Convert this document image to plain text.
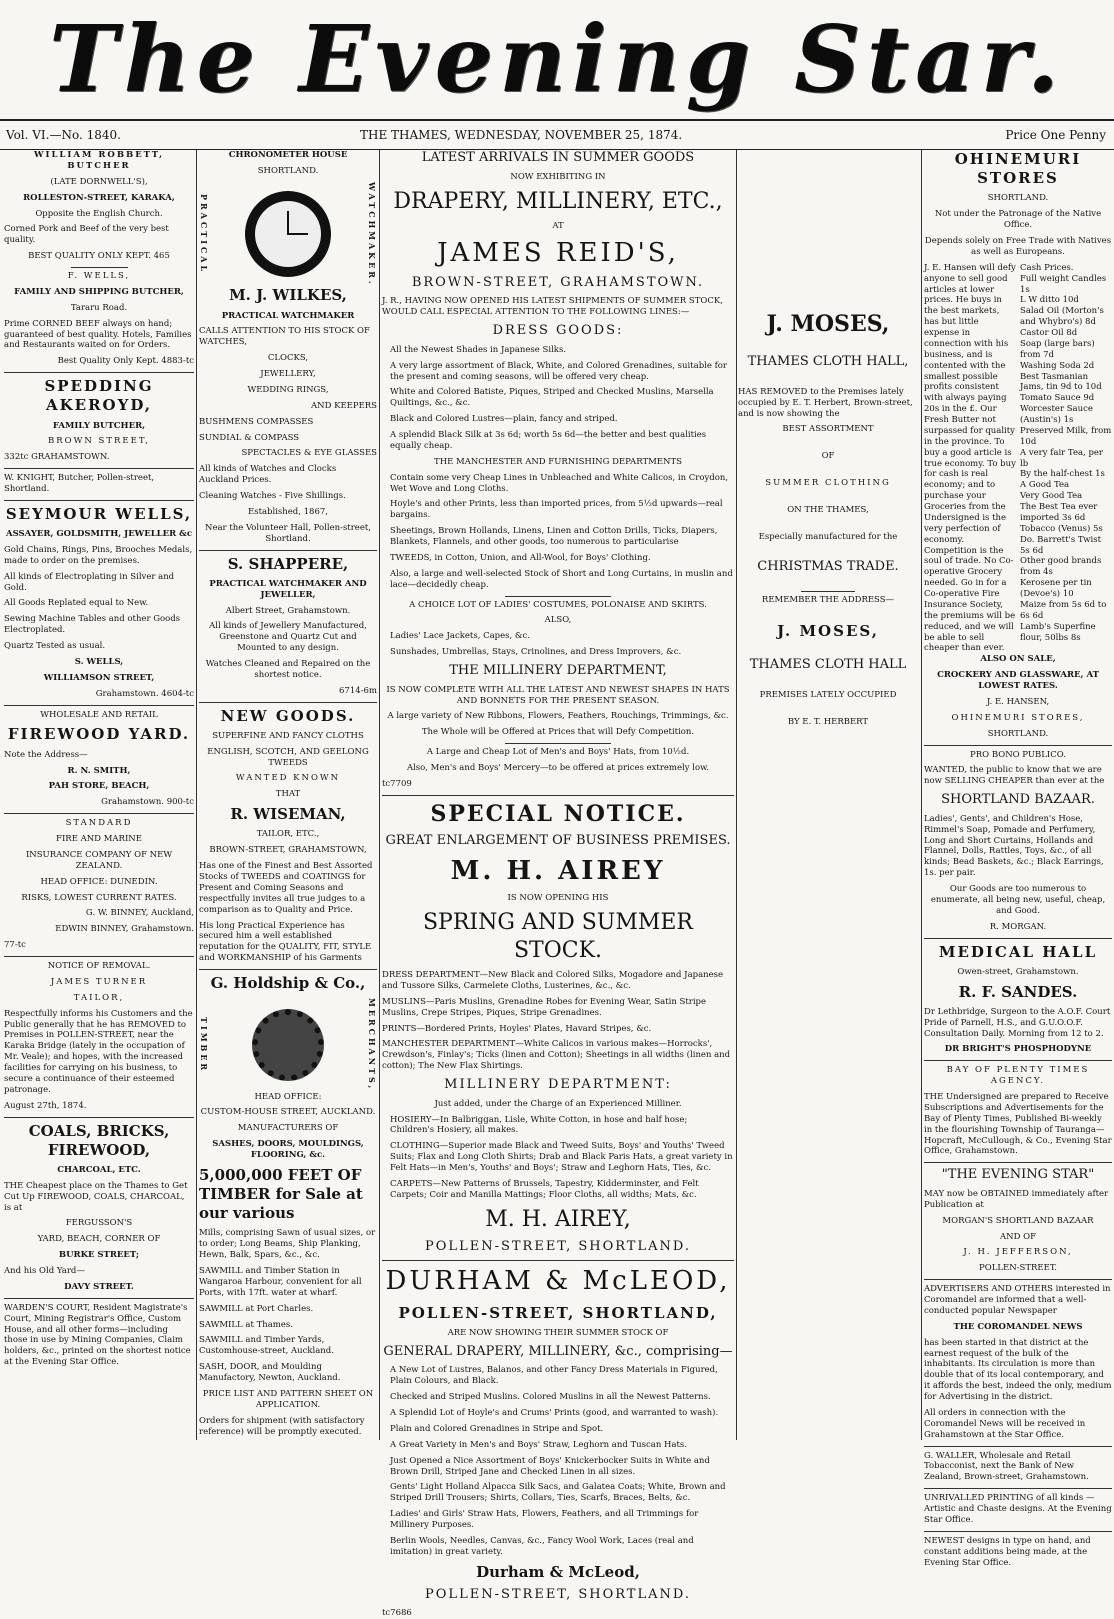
The Evening Star.
Vol. VI.—No. 1840.	THE THAMES, WEDNESDAY, NOVEMBER 25, 1874.	Price One Penny
WILLIAM ROBBETT, BUTCHER
(LATE DORNWELL'S),
ROLLESTON-STREET, KARAKA,
Opposite the English Church.
Corned Pork and Beef of the very best quality.
BEST QUALITY ONLY KEPT. 465
F. WELLS,
FAMILY AND SHIPPING BUTCHER,
Tararu Road.
Prime CORNED BEEF always on hand; guaranteed of best quality. Hotels, Families and Restaurants waited on for Orders.
Best Quality Only Kept. 4883-tc
SPEDDING AKEROYD,
FAMILY BUTCHER,
BROWN STREET,
332tc GRAHAMSTOWN.
W. KNIGHT, Butcher, Pollen-street, Shortland.
SEYMOUR WELLS,
ASSAYER, GOLDSMITH, JEWELLER &c
Gold Chains, Rings, Pins, Brooches Medals, made to order on the premises.
All kinds of Electroplating in Silver and Gold.
All Goods Replated equal to New.
Sewing Machine Tables and other Goods Electroplated.
Quartz Tested as usual.
S. WELLS,
WILLIAMSON STREET,
Grahamstown. 4604-tc
WHOLESALE AND RETAIL
FIREWOOD YARD.
Note the Address—
R. N. SMITH,
PAH STORE, BEACH,
Grahamstown. 900-tc
STANDARD
FIRE AND MARINE
INSURANCE COMPANY OF NEW ZEALAND.
HEAD OFFICE: DUNEDIN.
RISKS, LOWEST CURRENT RATES.
G. W. BINNEY, Auckland,
EDWIN BINNEY, Grahamstown.
77-tc
NOTICE OF REMOVAL.
JAMES TURNER
TAILOR,
Respectfully informs his Customers and the Public generally that he has REMOVED to Premises in POLLEN-STREET, near the Karaka Bridge (lately in the occupation of Mr. Veale); and hopes, with the increased facilities for carrying on his business, to secure a continuance of their esteemed patronage.
August 27th, 1874.
COALS, BRICKS, FIREWOOD,
CHARCOAL, ETC.
THE Cheapest place on the Thames to Get Cut Up FIREWOOD, COALS, CHARCOAL, is at
FERGUSSON'S
YARD, BEACH, CORNER OF
BURKE STREET;
And his Old Yard—
DAVY STREET.
WARDEN'S COURT, Resident Magistrate's Court, Mining Registrar's Office, Custom House, and all other forms—including those in use by Mining Companies, Claim holders, &c., printed on the shortest notice at the Evening Star Office.
CHRONOMETER HOUSE
SHORTLAND.
PRACTICAL	WATCHMAKER.
M. J. WILKES,
PRACTICAL WATCHMAKER
CALLS ATTENTION TO HIS STOCK OF WATCHES,
CLOCKS,
JEWELLERY,
WEDDING RINGS,
AND KEEPERS
BUSHMENS COMPASSES
SUNDIAL & COMPASS
SPECTACLES & EYE GLASSES
All kinds of Watches and Clocks Auckland Prices.
Cleaning Watches - Five Shillings.
Established, 1867,
Near the Volunteer Hall, Pollen-street, Shortland.
S. SHAPPERE,
PRACTICAL WATCHMAKER AND JEWELLER,
Albert Street, Grahamstown.
All kinds of Jewellery Manufactured, Greenstone and Quartz Cut and Mounted to any design.
Watches Cleaned and Repaired on the shortest notice.
6714-6m
NEW GOODS.
SUPERFINE AND FANCY CLOTHS
ENGLISH, SCOTCH, AND GEELONG TWEEDS
WANTED KNOWN
THAT
R. WISEMAN,
TAILOR, ETC.,
BROWN-STREET, GRAHAMSTOWN,
Has one of the Finest and Best Assorted Stocks of TWEEDS and COATINGS for Present and Coming Seasons and respectfully invites all true judges to a comparison as to Quality and Price.
His long Practical Experience has secured him a well established reputation for the QUALITY, FIT, STYLE and WORKMANSHIP of his Garments
G. Holdship & Co.,
TIMBER	MERCHANTS,
HEAD OFFICE:
CUSTOM-HOUSE STREET, AUCKLAND.
MANUFACTURERS OF
SASHES, DOORS, MOULDINGS, FLOORING, &c.
5,000,000 FEET OF TIMBER for Sale at our various
Mills, comprising Sawn of usual sizes, or to order; Long Beams, Ship Planking, Hewn, Balk, Spars, &c., &c.
SAWMILL and Timber Station in Wangaroa Harbour, convenient for all Ports, with 17ft. water at wharf.
SAWMILL at Port Charles.
SAWMILL at Thames.
SAWMILL and Timber Yards, Customhouse-street, Auckland.
SASH, DOOR, and Moulding Manufactory, Newton, Auckland.
PRICE LIST AND PATTERN SHEET ON APPLICATION.
Orders for shipment (with satisfactory reference) will be promptly executed.
LATEST ARRIVALS IN SUMMER GOODS
NOW EXHIBITING IN
DRAPERY, MILLINERY, ETC.,
AT
JAMES REID'S,
BROWN-STREET, GRAHAMSTOWN.
J. R., HAVING NOW OPENED HIS LATEST SHIPMENTS OF SUMMER STOCK, WOULD CALL ESPECIAL ATTENTION TO THE FOLLOWING LINES:—
DRESS GOODS:
All the Newest Shades in Japanese Silks.
A very large assortment of Black, White, and Colored Grenadines, suitable for the present and coming seasons, will be offered very cheap.
White and Colored Batiste, Piques, Striped and Checked Muslins, Marsella Quiltings, &c., &c.
Black and Colored Lustres—plain, fancy and striped.
A splendid Black Silk at 3s 6d; worth 5s 6d—the better and best qualities equally cheap.
THE MANCHESTER AND FURNISHING DEPARTMENTS
Contain some very Cheap Lines in Unbleached and White Calicos, in Croydon, Wet Wove and Long Cloths.
Hoyle's and other Prints, less than imported prices, from 5½d upwards—real bargains.
Sheetings, Brown Hollands, Linens, Linen and Cotton Drills, Ticks, Diapers, Blankets, Flannels, and other goods, too numerous to particularise
TWEEDS, in Cotton, Union, and All-Wool, for Boys' Clothing.
Also, a large and well-selected Stock of Short and Long Curtains, in muslin and lace—decidedly cheap.
A CHOICE LOT OF LADIES' COSTUMES, POLONAISE AND SKIRTS.
ALSO,
Ladies' Lace Jackets, Capes, &c.
Sunshades, Umbrellas, Stays, Crinolines, and Dress Improvers, &c.
THE MILLINERY DEPARTMENT,
IS NOW COMPLETE WITH ALL THE LATEST AND NEWEST SHAPES IN HATS AND BONNETS FOR THE PRESENT SEASON.
A large variety of New Ribbons, Flowers, Feathers, Rouchings, Trimmings, &c.
The Whole will be Offered at Prices that will Defy Competition.
A Large and Cheap Lot of Men's and Boys' Hats, from 10½d.
Also, Men's and Boys' Mercery—to be offered at prices extremely low.
tc7709
SPECIAL NOTICE.
GREAT ENLARGEMENT OF BUSINESS PREMISES.
M. H. AIREY
IS NOW OPENING HIS
SPRING AND SUMMER STOCK.
DRESS DEPARTMENT—New Black and Colored Silks, Mogadore and Japanese and Tussore Silks, Carmelete Cloths, Lusterines, &c., &c.
MUSLINS—Paris Muslins, Grenadine Robes for Evening Wear, Satin Stripe Muslins, Crepe Stripes, Piques, Stripe Grenadines.
PRINTS—Bordered Prints, Hoyles' Plates, Havard Stripes, &c.
MANCHESTER DEPARTMENT—White Calicos in various makes—Horrocks', Crewdson's, Finlay's; Ticks (linen and Cotton); Sheetings in all widths (linen and cotton); The New Flax Shirtings.
MILLINERY DEPARTMENT:
Just added, under the Charge of an Experienced Milliner.
HOSIERY—In Balbriggan, Lisle, White Cotton, in hose and half hose; Children's Hosiery, all makes.
CLOTHING—Superior made Black and Tweed Suits, Boys' and Youths' Tweed Suits; Flax and Long Cloth Shirts; Drab and Black Paris Hats, a great variety in Felt Hats—in Men's, Youths' and Boys'; Straw and Leghorn Hats, Ties, &c.
CARPETS—New Patterns of Brussels, Tapestry, Kidderminster, and Felt Carpets; Coir and Manilla Mattings; Floor Cloths, all widths; Mats, &c.
M. H. AIREY,
POLLEN-STREET, SHORTLAND.
DURHAM & McLEOD,
POLLEN-STREET, SHORTLAND,
ARE NOW SHOWING THEIR SUMMER STOCK OF
GENERAL DRAPERY, MILLINERY, &c., comprising—
A New Lot of Lustres, Balanos, and other Fancy Dress Materials in Figured, Plain Colours, and Black.
Checked and Striped Muslins. Colored Muslins in all the Newest Patterns.
A Splendid Lot of Hoyle's and Crums' Prints (good, and warranted to wash).
Plain and Colored Grenadines in Stripe and Spot.
A Great Variety in Men's and Boys' Straw, Leghorn and Tuscan Hats.
Just Opened a Nice Assortment of Boys' Knickerbocker Suits in White and Brown Drill, Striped Jane and Checked Linen in all sizes.
Gents' Light Holland Alpacca Silk Sacs, and Galatea Coats; White, Brown and Striped Drill Trousers; Shirts, Collars, Ties, Scarfs, Braces, Belts, &c.
Ladies' and Girls' Straw Hats, Flowers, Feathers, and all Trimmings for Millinery Purposes.
Berlin Wools, Needles, Canvas, &c., Fancy Wool Work, Laces (real and imitation) in great variety.
Durham & McLeod,
POLLEN-STREET, SHORTLAND.
tc7686
J. MOSES,
THAMES CLOTH HALL,
HAS REMOVED to the Premises lately occupied by E. T. Herbert, Brown-street, and is now showing the
BEST ASSORTMENT
OF
SUMMER CLOTHING
ON THE THAMES,
Especially manufactured for the
CHRISTMAS TRADE.
REMEMBER THE ADDRESS—
J. MOSES,
THAMES CLOTH HALL
PREMISES LATELY OCCUPIED
BY E. T. HERBERT
OHINEMURI STORES
SHORTLAND.
Not under the Patronage of the Native Office.
Depends solely on Free Trade with Natives as well as Europeans.
J. E. Hansen will defy anyone to sell good articles at lower prices. He buys in the best markets, has but little expense in connection with his business, and is contented with the smallest possible profits consistent with always paying 20s in the £. Our Fresh Butter not surpassed for quality in the province. To buy a good article is true economy. To buy for cash is real economy; and to purchase your Groceries from the Undersigned is the very perfection of economy. Competition is the soul of trade. No Co-operative Grocery needed. Go in for a Co-operative Fire Insurance Society, the premiums will be reduced, and we will be able to sell cheaper than ever.
Cash Prices.
Full weight Candles 1s
L W ditto 10d
Salad Oil (Morton's and Whybro's) 8d
Castor Oil 8d
Soap (large bars) from 7d
Washing Soda 2d
Best Tasmanian Jams, tin 9d to 10d
Tomato Sauce 9d
Worcester Sauce (Austin's) 1s
Preserved Milk, from 10d
A very fair Tea, per lb
By the half-chest 1s
A Good Tea
Very Good Tea
The Best Tea ever imported 3s 6d
Tobacco (Venus) 5s
Do. Barrett's Twist 5s 6d
Other good brands from 4s
Kerosene per tin (Devoe's) 10
Maize from 5s 6d to 6s 6d
Lamb's Superfine flour, 50lbs 8s
ALSO ON SALE,
CROCKERY AND GLASSWARE, AT LOWEST RATES.
J. E. HANSEN,
OHINEMURI STORES,
SHORTLAND.
PRO BONO PUBLICO.
WANTED, the public to know that we are now SELLING CHEAPER than ever at the
SHORTLAND BAZAAR.
Ladies', Gents', and Children's Hose, Rimmel's Soap, Pomade and Perfumery, Long and Short Curtains, Hollands and Flannel, Dolls, Rattles, Toys, &c., of all kinds; Bead Baskets, &c.; Black Earrings, 1s. per pair.
Our Goods are too numerous to enumerate, all being new, useful, cheap, and Good.
R. MORGAN.
MEDICAL HALL
Owen-street, Grahamstown.
R. F. SANDES.
Dr Lethbridge, Surgeon to the A.O.F. Court Pride of Parnell, H.S., and G.U.O.O.F. Consultation Daily. Morning from 12 to 2.
DR BRIGHT'S PHOSPHODYNE
BAY OF PLENTY TIMES AGENCY.
THE Undersigned are prepared to Receive Subscriptions and Advertisements for the Bay of Plenty Times, Published Bi-weekly in the flourishing Township of Tauranga—Hopcraft, McCullough, & Co., Evening Star Office, Grahamstown.
"THE EVENING STAR"
MAY now be OBTAINED immediately after Publication at
MORGAN'S SHORTLAND BAZAAR
AND OF
J. H. JEFFERSON,
POLLEN-STREET.
ADVERTISERS AND OTHERS interested in Coromandel are informed that a well-conducted popular Newspaper
THE COROMANDEL NEWS
has been started in that district at the earnest request of the bulk of the inhabitants. Its circulation is more than double that of its local contemporary, and it affords the best, indeed the only, medium for Advertising in the district.
All orders in connection with the Coromandel News will be received in Grahamstown at the Star Office.
G. WALLER, Wholesale and Retail Tobacconist, next the Bank of New Zealand, Brown-street, Grahamstown.
UNRIVALLED PRINTING of all kinds —Artistic and Chaste designs. At the Evening Star Office.
NEWEST designs in type on hand, and constant additions being made, at the Evening Star Office.
